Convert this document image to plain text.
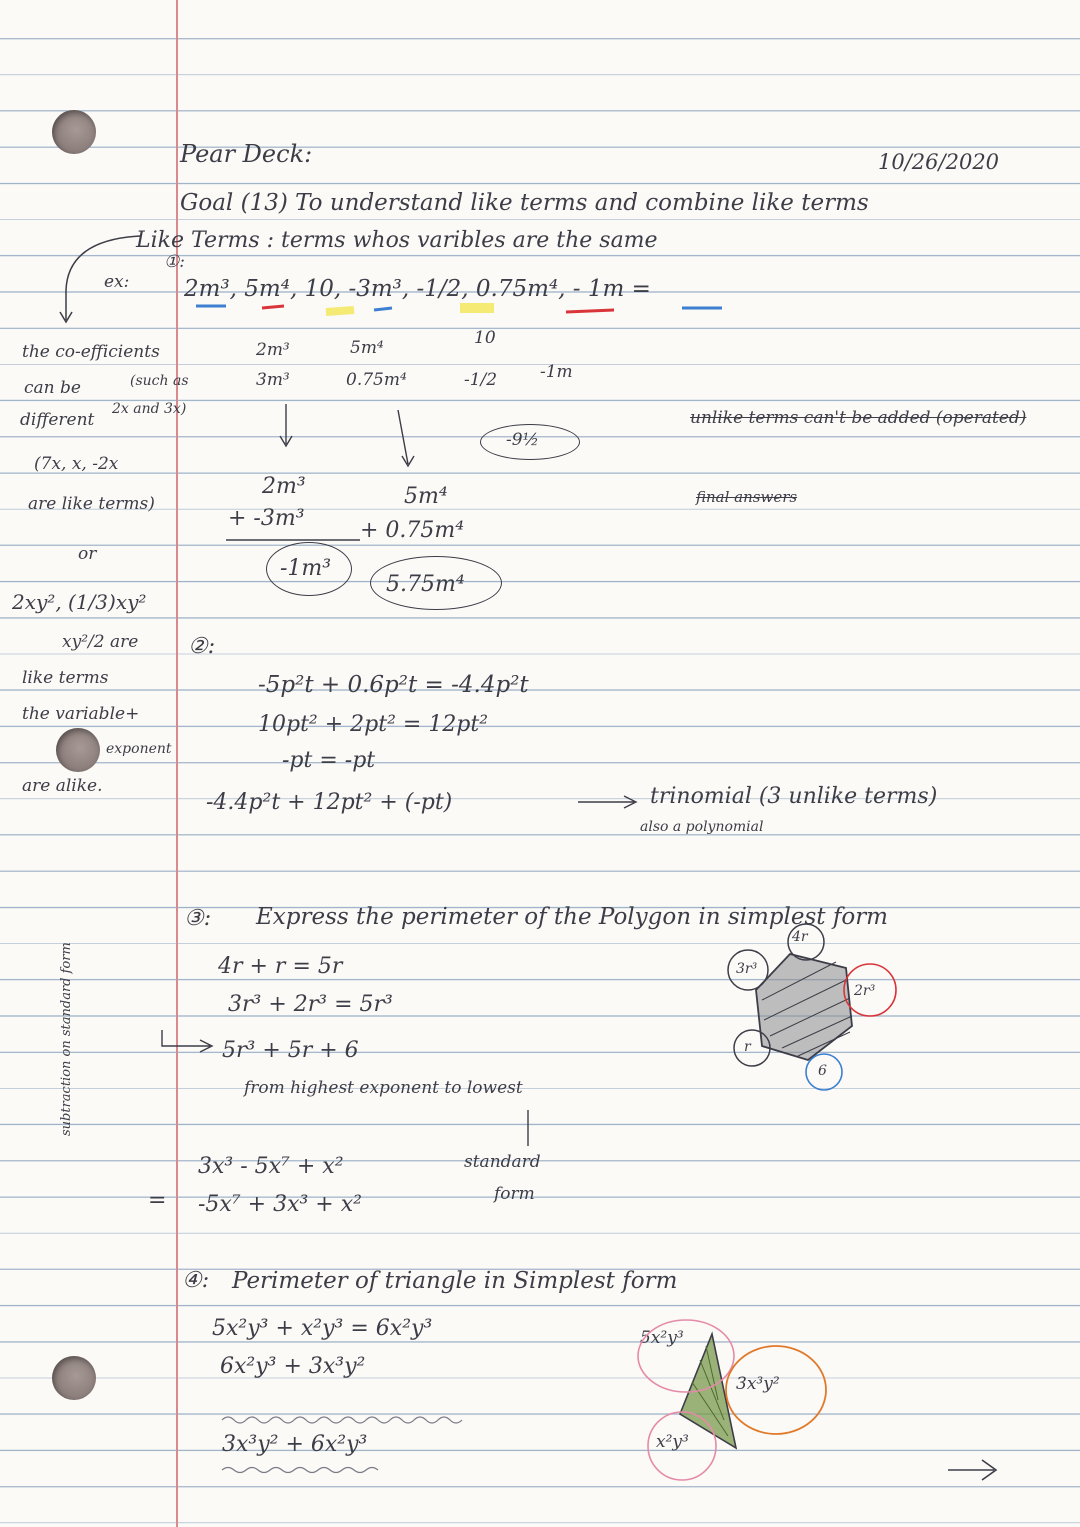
Pear Deck:	10/26/2020
Goal (13) To understand like terms and combine like terms
Like Terms : terms whos varibles are the same
the co-efficients
can be	(such as
2x and 3x)
different
(7x, x, -2x
are like terms)
or
2xy², (1/3)xy²
xy²/2 are
like terms
the variable+
exponent
are alike.
subtraction on standard form
=
ex:
①:
2m³, 5m⁴, 10, -3m³, -1/2, 0.75m⁴, - 1m =
2m³	5m⁴	10
3m³	0.75m⁴	-1/2	-1m
-9½
unlike terms can't be added (operated)
final answers
2m³
+ -3m³
-1m³
5m⁴
+ 0.75m⁴
5.75m⁴
②:
-5p²t + 0.6p²t = -4.4p²t
10pt² + 2pt² = 12pt²
-pt = -pt
-4.4p²t + 12pt² + (-pt)	trinomial (3 unlike terms)
also a polynomial
③: Express the perimeter of the Polygon in simplest form
4r + r = 5r
3r³ + 2r³ = 5r³
5r³ + 5r + 6
from highest exponent to lowest
3x³ - 5x⁷ + x²	standard
-5x⁷ + 3x³ + x²	form
4r
3r³
2r³
r
6
④: Perimeter of triangle in Simplest form
5x²y³ + x²y³ = 6x²y³
6x²y³ + 3x³y²
3x³y² + 6x²y³
5x²y³
3x³y²
x²y³
